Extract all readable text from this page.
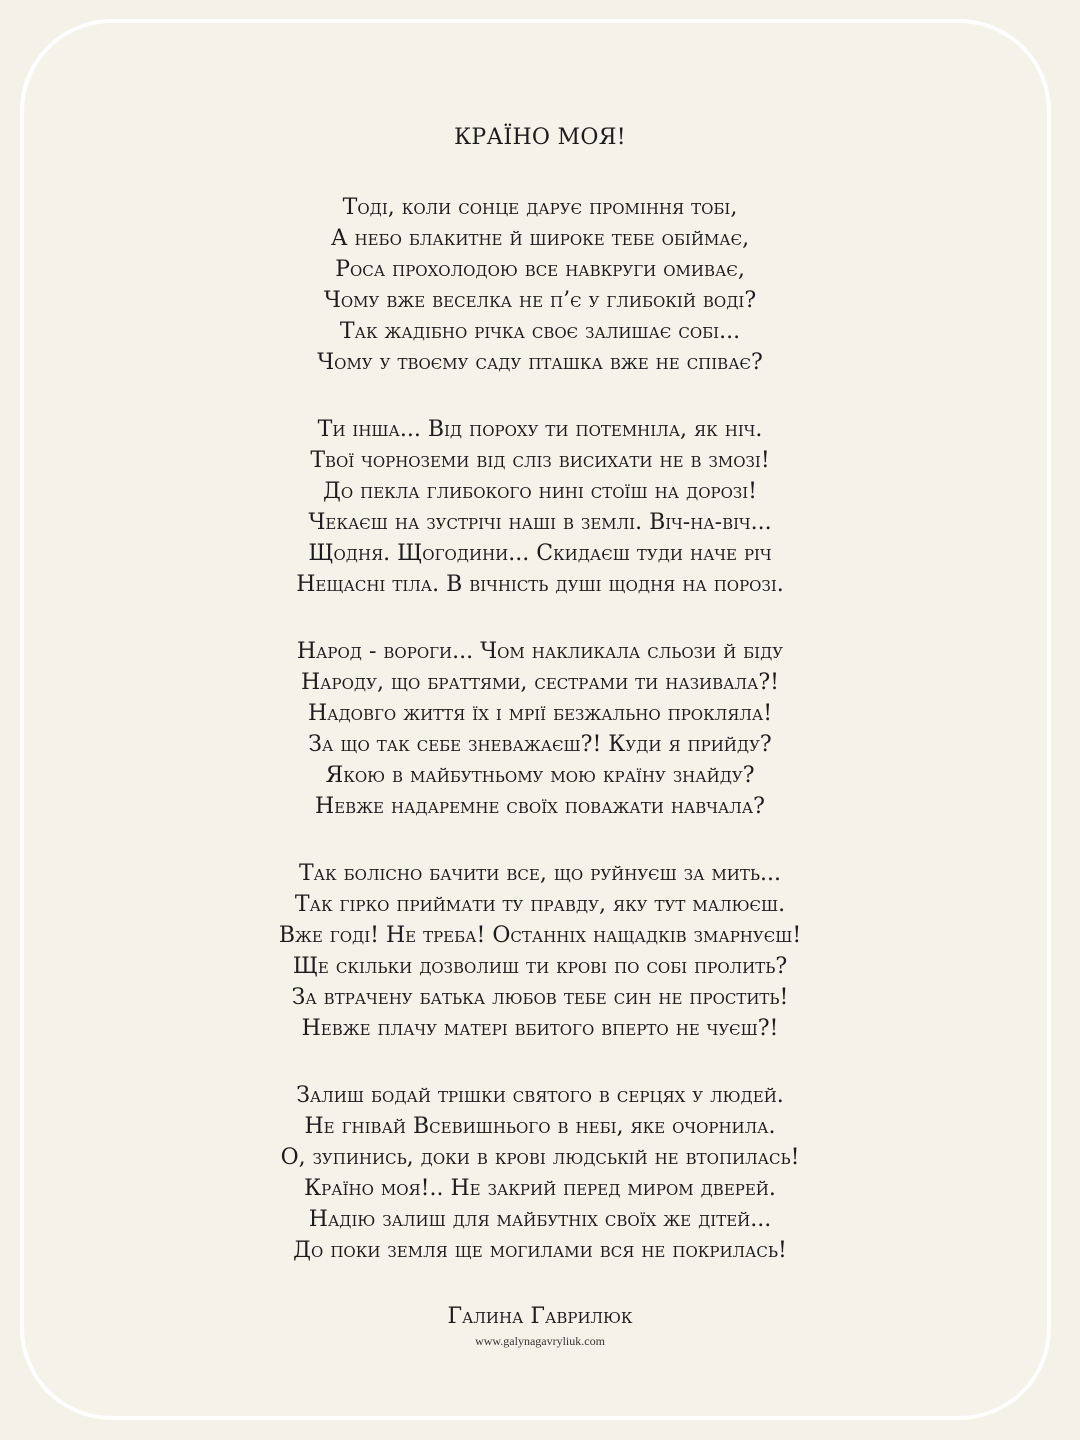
КРАЇНО МОЯ!
Тоді, коли сонце дарує проміння тобі,
А небо блакитне й широке тебе обіймає,
Роса прохолодою все навкруги омиває,
Чому вже веселка не п’є у глибокій воді?
Так жадібно річка своє залишає собі...
Чому у твоєму саду пташка вже не співає?
Ти інша... Від пороху ти потемніла, як ніч.
Твої чорноземи від сліз висихати не в змозі!
До пекла глибокого нині стоїш на дорозі!
Чекаєш на зустрічі наші в землі. Віч-на-віч...
Щодня. Щогодини... Скидаєш туди наче річ
Нещасні тіла. В вічність душі щодня на порозі.
Народ - вороги... Чом накликала сльози й біду
Народу, що браттями, сестрами ти називала?!
Надовго життя їх і мрії безжально прокляла!
За що так себе зневажаєш?! Куди я прийду?
Якою в майбутньому мою країну знайду?
Невже надаремне своїх поважати навчала?
Так болісно бачити все, що руйнуєш за мить...
Так гірко приймати ту правду, яку тут малюєш.
Вже годі! Не треба! Останніх нащадків змарнуєш!
Ще скільки дозволиш ти крові по собі пролить?
За втрачену батька любов тебе син не простить!
Невже плачу матері вбитого вперто не чуєш?!
Залиш бодай трішки святого в серцях у людей.
Не гнівай Всевишнього в небі, яке очорнила.
О, зупинись, доки в крові людській не втопилась!
Країно моя!.. Не закрий перед миром дверей.
Надію залиш для майбутніх своїх же дітей...
До поки земля ще могилами вся не покрилась!
Галина Гаврилюк
www.galynagavryliuk.com
